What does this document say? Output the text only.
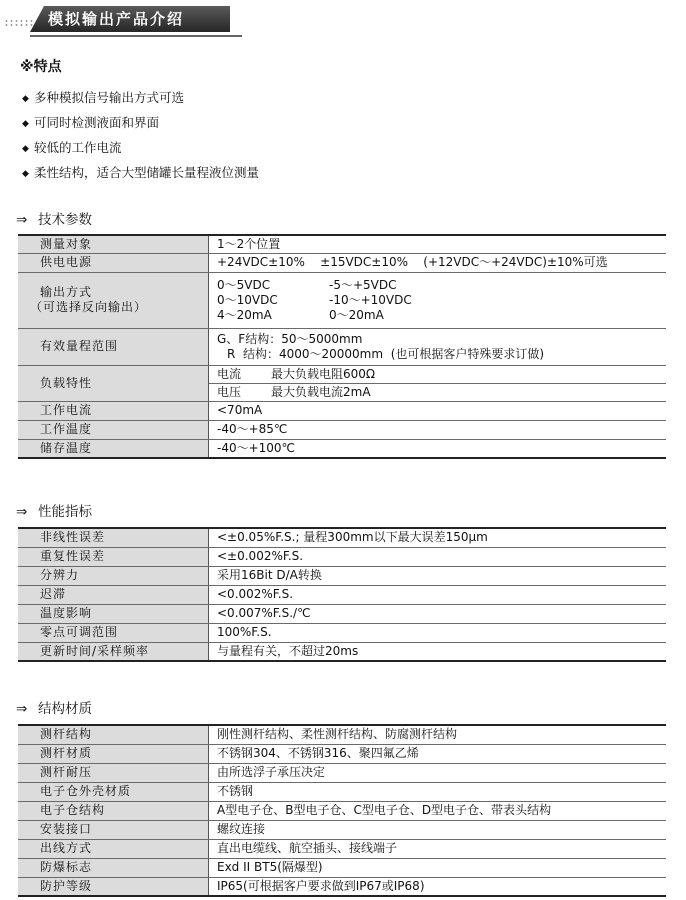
模拟输出产品介绍
※特点
◆ 多种模拟信号输出方式可选
◆ 可同时检测液面和界面
◆ 较低的工作电流
◆ 柔性结构，适合大型储罐长量程液位测量
⇒ 技术参数
测量对象	1～2个位置
供电电源	+24VDC±10%    ±15VDC±10%    (+12VDC～+24VDC)±10%可选

输出方式
（可选择反向输出）	0～5VDC -5～+5VDC
0～10VDC -10～+10VDC
4～20mA 0～20mA

有效量程范围	G、F结构：50～5000mm
R  结构：4000～20000mm (也可根据客户特殊要求订做)

负载特性	电流 最大负载电阻600Ω
	电压 最大负载电流2mA
工作电流	<70mA
工作温度	-40～+85℃
储存温度	-40～+100℃
⇒ 性能指标
非线性误差	<±0.05%F.S.; 量程300mm以下最大误差150μm
重复性误差	<±0.002%F.S.
分辨力	采用16Bit D/A转换
迟滞	<0.002%F.S.
温度影响	<0.007%F.S./℃
零点可调范围	100%F.S.
更新时间/采样频率	与量程有关，不超过20ms
⇒ 结构材质
测杆结构	刚性测杆结构、柔性测杆结构、防腐测杆结构
测杆材质	不锈钢304、不锈钢316、聚四氟乙烯
测杆耐压	由所选浮子承压决定
电子仓外壳材质	不锈钢
电子仓结构	A型电子仓、B型电子仓、C型电子仓、D型电子仓、带表头结构
安装接口	螺纹连接
出线方式	直出电缆线、航空插头、接线端子
防爆标志	Exd II BT5(隔爆型)
防护等级	IP65(可根据客户要求做到IP67或IP68)
